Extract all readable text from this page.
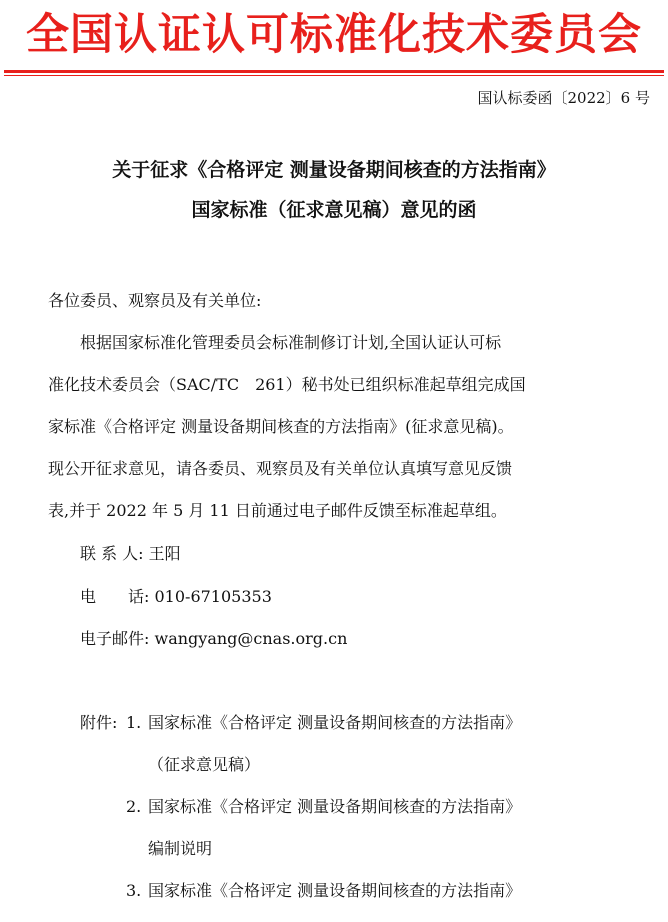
全国认证认可标准化技术委员会
国认标委函〔2022〕6 号
关于征求《合格评定 测量设备期间核查的方法指南》
国家标准（征求意见稿）意见的函
各位委员、观察员及有关单位:
根据国家标准化管理委员会标准制修订计划,全国认证认可标
准化技术委员会（SAC/TC　261）秘书处已组织标准起草组完成国
家标准《合格评定 测量设备期间核查的方法指南》(征求意见稿)。
现公开征求意见，请各委员、观察员及有关单位认真填写意见反馈
表,并于 2022 年 5 月 11 日前通过电子邮件反馈至标准起草组。
联 系 人: 王阳
电　　话: 010-67105353
电子邮件: wangyang@cnas.org.cn
附件: 1. 国家标准《合格评定 测量设备期间核查的方法指南》
（征求意见稿）
2. 国家标准《合格评定 测量设备期间核查的方法指南》
编制说明
3. 国家标准《合格评定 测量设备期间核查的方法指南》
